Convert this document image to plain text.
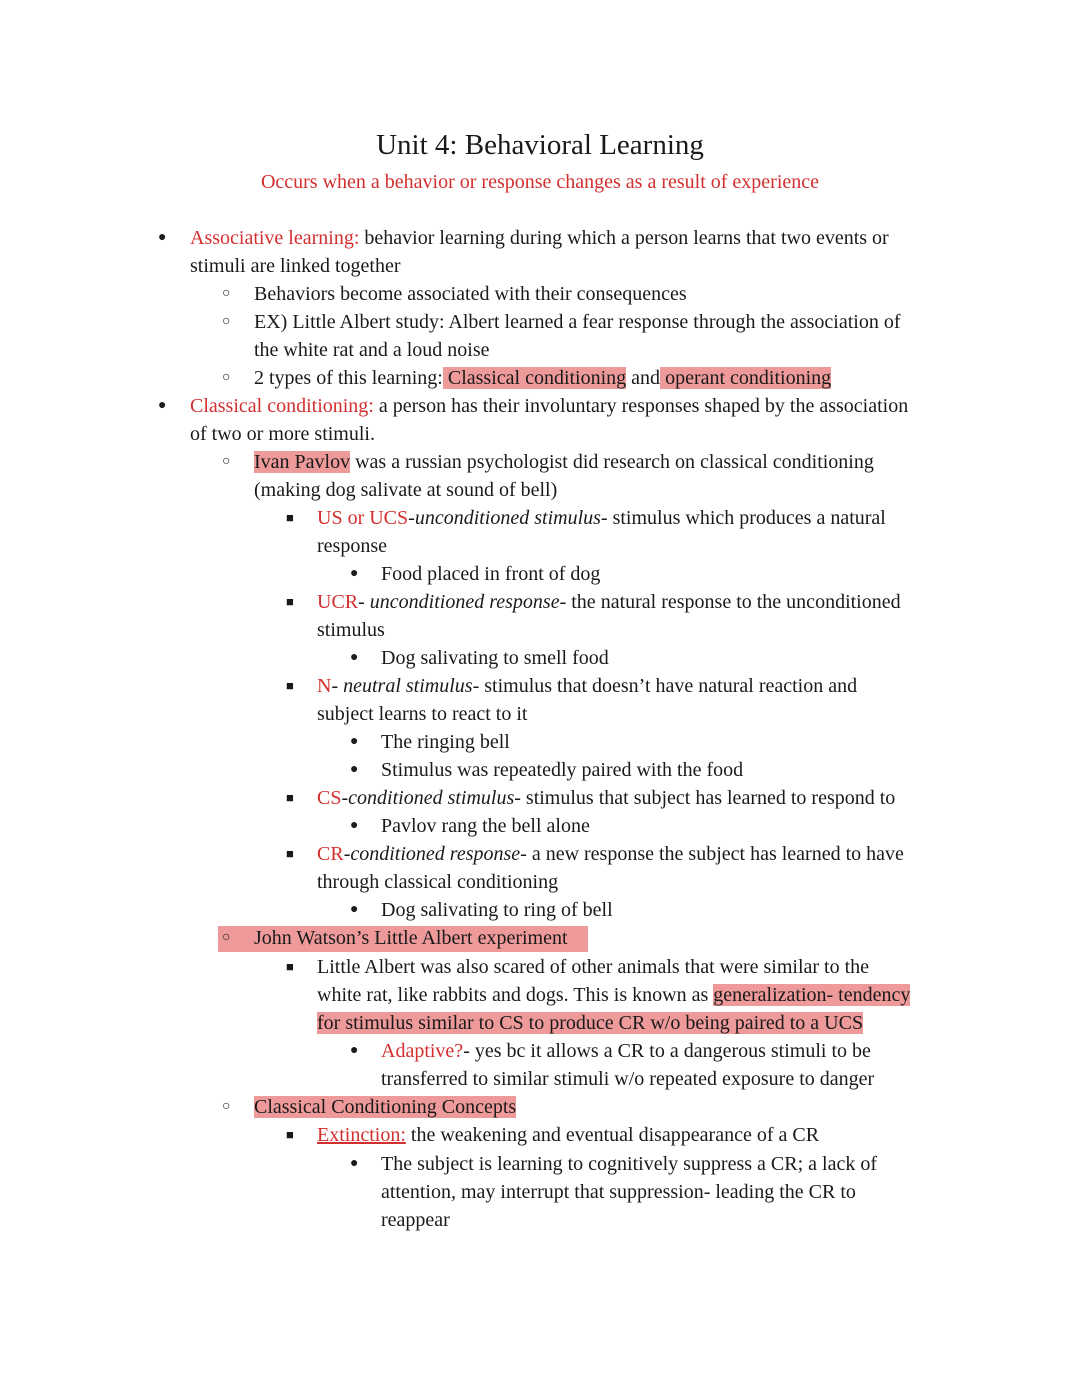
Unit 4: Behavioral Learning
Occurs when a behavior or response changes as a result of experience
●
Associative learning: behavior learning during which a person learns that two events or
stimuli are linked together
○
Behaviors become associated with their consequences
○
EX) Little Albert study: Albert learned a fear response through the association of
the white rat and a loud noise
○
2 types of this learning: Classical conditioning and operant conditioning
●
Classical conditioning: a person has their involuntary responses shaped by the association
of two or more stimuli.
○
Ivan Pavlov was a russian psychologist did research on classical conditioning
(making dog salivate at sound of bell)
■
US or UCS-unconditioned stimulus- stimulus which produces a natural
response
●
Food placed in front of dog
■
UCR- unconditioned response- the natural response to the unconditioned
stimulus
●
Dog salivating to smell food
■
N- neutral stimulus- stimulus that doesn’t have natural reaction and
subject learns to react to it
●
The ringing bell
●
Stimulus was repeatedly paired with the food
■
CS-conditioned stimulus- stimulus that subject has learned to respond to
●
Pavlov rang the bell alone
■
CR-conditioned response- a new response the subject has learned to have
through classical conditioning
●
Dog salivating to ring of bell
○
John Watson’s Little Albert experiment
■
Little Albert was also scared of other animals that were similar to the
white rat, like rabbits and dogs. This is known as generalization- tendency
for stimulus similar to CS to produce CR w/o being paired to a UCS
●
Adaptive?- yes bc it allows a CR to a dangerous stimuli to be
transferred to similar stimuli w/o repeated exposure to danger
○
Classical Conditioning Concepts
■
Extinction: the weakening and eventual disappearance of a CR
●
The subject is learning to cognitively suppress a CR; a lack of
attention, may interrupt that suppression- leading the CR to
reappear
